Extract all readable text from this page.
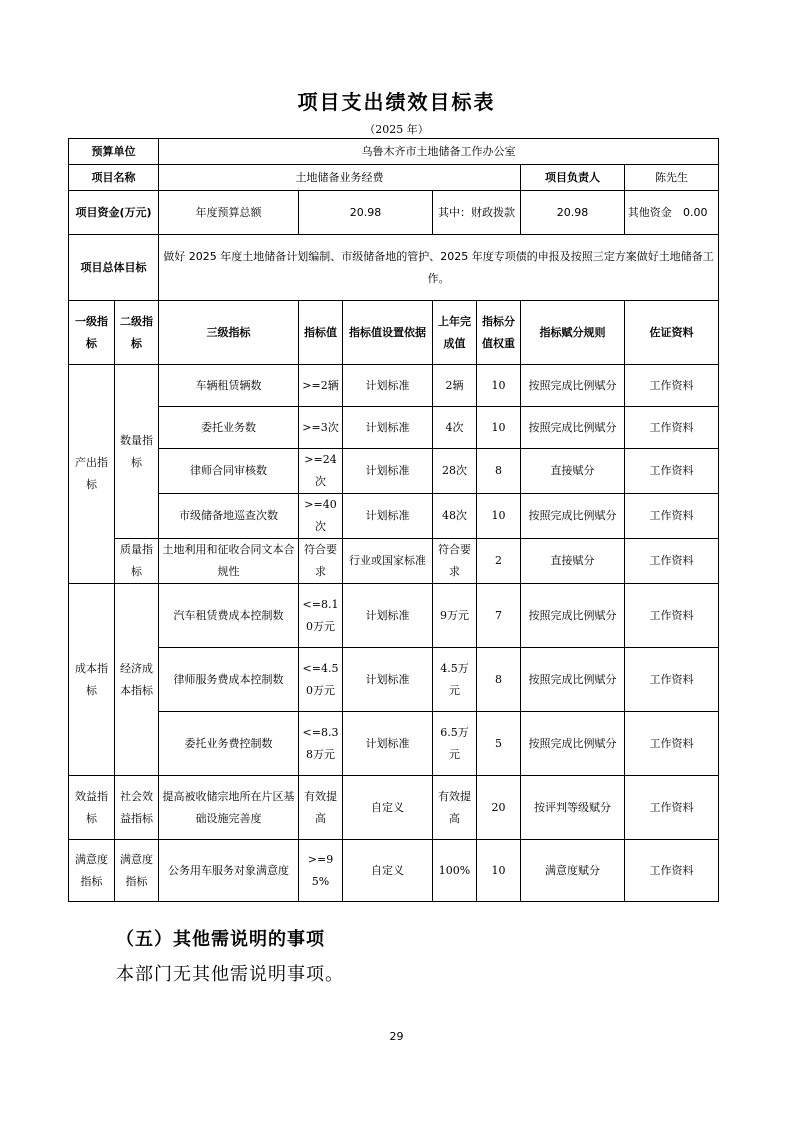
项目支出绩效目标表
（2025 年）
预算单位		乌鲁木齐市土地储备工作办公室						
项目名称		土地储备业务经费					项目负责人	陈先生
项目资金(万元)		年度预算总额	20.98		其中：财政拨款		20.98	其他资金 0.00
项目总体目标		做好 2025 年度土地储备计划编制、市级储备地的管护、2025 年度专项债的申报及按照三定方案做好土地储备工作。						
一级指标	二级指标	三级指标	指标值	指标值设置依据	上年完成值	指标分值权重	指标赋分规则	佐证资料
产出指标	数量指标	车辆租赁辆数	>=2辆	计划标准	2辆	10	按照完成比例赋分	工作资料
		委托业务数	>=3次	计划标准	4次	10	按照完成比例赋分	工作资料
		律师合同审核数	>=24次	计划标准	28次	8	直接赋分	工作资料
		市级储备地巡查次数	>=40次	计划标准	48次	10	按照完成比例赋分	工作资料
	质量指标	土地利用和征收合同文本合规性	符合要求	行业或国家标准	符合要求	2	直接赋分	工作资料
成本指标	经济成本指标	汽车租赁费成本控制数	<=8.10万元	计划标准	9万元	7	按照完成比例赋分	工作资料
		律师服务费成本控制数	<=4.50万元	计划标准	4.5万元	8	按照完成比例赋分	工作资料
		委托业务费控制数	<=8.38万元	计划标准	6.5万元	5	按照完成比例赋分	工作资料
效益指标	社会效益指标	提高被收储宗地所在片区基础设施完善度	有效提高	自定义	有效提高	20	按评判等级赋分	工作资料
满意度指标	满意度指标	公务用车服务对象满意度	>=95%	自定义	100%	10	满意度赋分	工作资料
（五）其他需说明的事项
本部门无其他需说明事项。
29
